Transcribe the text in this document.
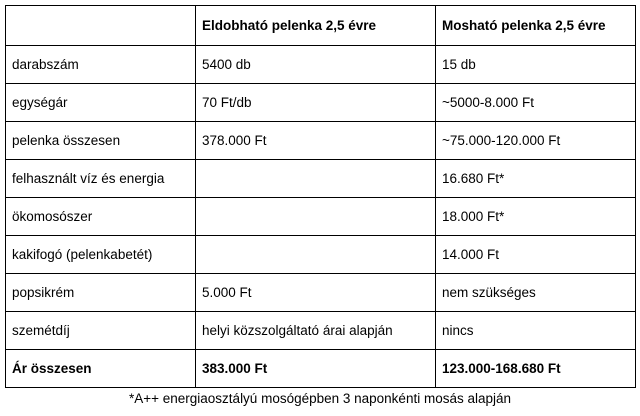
	Eldobható pelenka 2,5 évre	Mosható pelenka 2,5 évre
darabszám	5400 db	15 db
egységár	70 Ft/db	~5000-8.000 Ft
pelenka összesen	378.000 Ft	~75.000-120.000 Ft
felhasznált víz és energia		16.680 Ft*
ökomosószer		18.000 Ft*
kakifogó (pelenkabetét)		14.000 Ft
popsikrém	5.000 Ft	nem szükséges
szemétdíj	helyi közszolgáltató árai alapján	nincs
Ár összesen	383.000 Ft	123.000-168.680 Ft
*A++ energiaosztályú mosógépben 3 naponkénti mosás alapján
